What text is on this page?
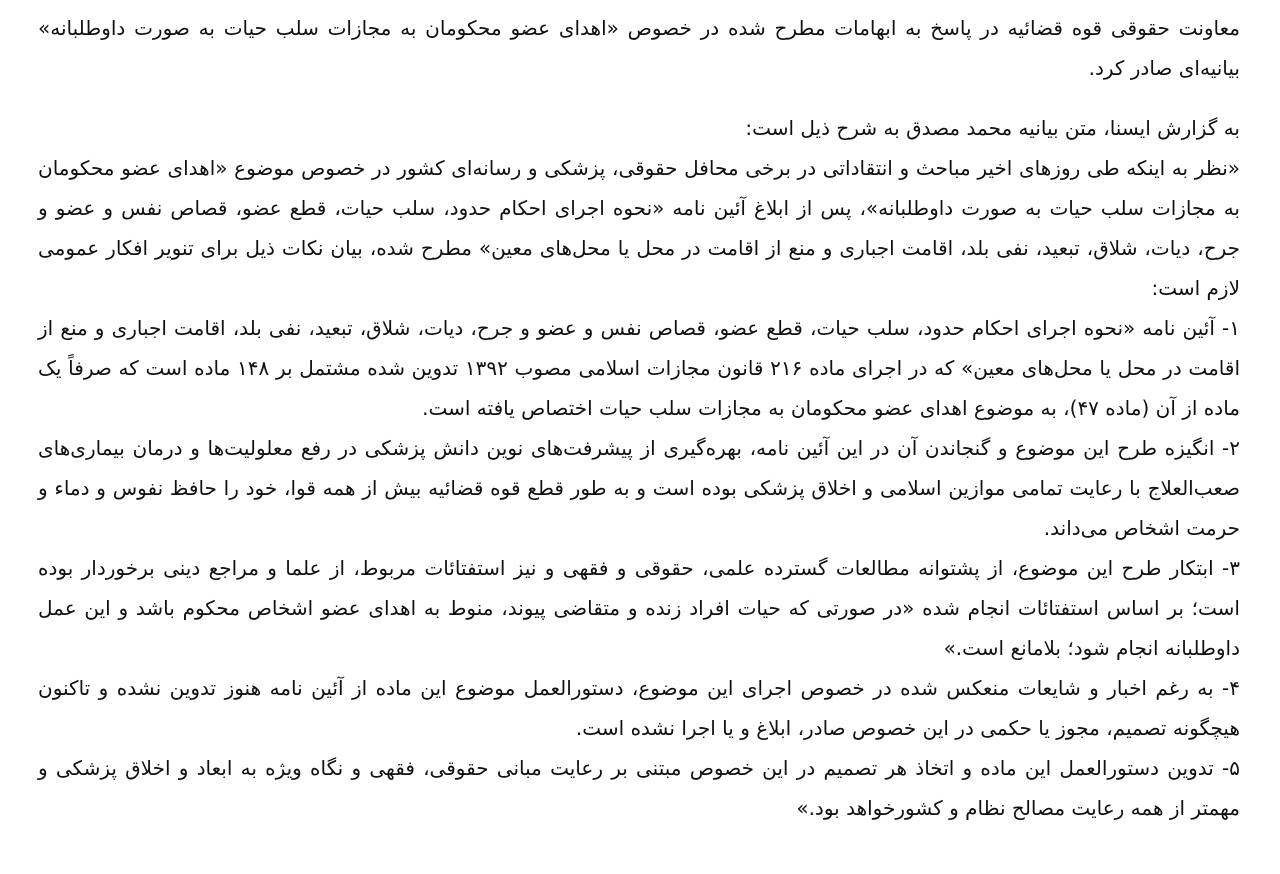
معاونت حقوقی قوه قضائیه در پاسخ به ابهامات مطرح شده در خصوص «اهدای عضو محکومان به مجازات سلب حیات به صورت داوطلبانه» بیانیه‌ای صادر کرد.

به گزارش ایسنا، متن بیانیه محمد مصدق به شرح ذیل است:

«نظر به اینکه طی روزهای اخیر مباحث و انتقاداتی در برخی محافل حقوقی، پزشکی و رسانه‌ای کشور در خصوص موضوع «اهدای عضو محکومان به مجازات سلب حیات به صورت داوطلبانه»، پس از ابلاغ آئین نامه «نحوه اجرای احکام حدود، سلب حیات، قطع عضو، قصاص نفس و عضو و جرح، دیات، شلاق، تبعید، نفی بلد، اقامت اجباری و منع از اقامت در محل یا محل‌های معین» مطرح شده، بیان نکات ذیل برای تنویر افکار عمومی لازم است:

۱- آئین نامه «نحوه اجرای احکام حدود، سلب حیات، قطع عضو، قصاص نفس و عضو و جرح، دیات، شلاق، تبعید، نفی بلد، اقامت اجباری و منع از اقامت در محل یا محل‌های معین» که در اجرای ماده ۲۱۶ قانون مجازات اسلامی مصوب ۱۳۹۲ تدوین شده مشتمل بر ۱۴۸ ماده است که صرفاً یک ماده از آن (ماده ۴۷)، به موضوع اهدای عضو محکومان به مجازات سلب حیات اختصاص یافته است.

۲- انگیزه طرح این موضوع و گنجاندن آن در این آئین نامه، بهره‌گیری از پیشرفت‌های نوین دانش پزشکی در رفع معلولیت‌ها و درمان بیماری‌های صعب‌العلاج با رعایت تمامی موازین اسلامی و اخلاق پزشکی بوده است و به طور قطع قوه قضائیه بیش از همه قوا، خود را حافظ نفوس و دماء و حرمت اشخاص می‌داند.

۳- ابتکار طرح این موضوع، از پشتوانه مطالعات گسترده علمی، حقوقی و فقهی و نیز استفتائات مربوط، از علما و مراجع دینی برخوردار بوده است؛ بر اساس استفتائات انجام شده «در صورتی که حیات افراد زنده و متقاضی پیوند، منوط به اهدای عضو اشخاص محکوم باشد و این عمل داوطلبانه انجام شود؛ بلامانع است.»

۴- به رغم اخبار و شایعات منعکس شده در خصوص اجرای این موضوع، دستورالعمل موضوع این ماده از آئین نامه هنوز تدوین نشده و تاکنون هیچگونه تصمیم، مجوز یا حکمی در این خصوص صادر، ابلاغ و یا اجرا نشده است.

۵- تدوین دستورالعمل این ماده و اتخاذ هر تصمیم در این خصوص مبتنی بر رعایت مبانی حقوقی، فقهی و نگاه ویژه به ابعاد و اخلاق پزشکی و مهمتر از همه رعایت مصالح نظام و کشورخواهد بود.»
